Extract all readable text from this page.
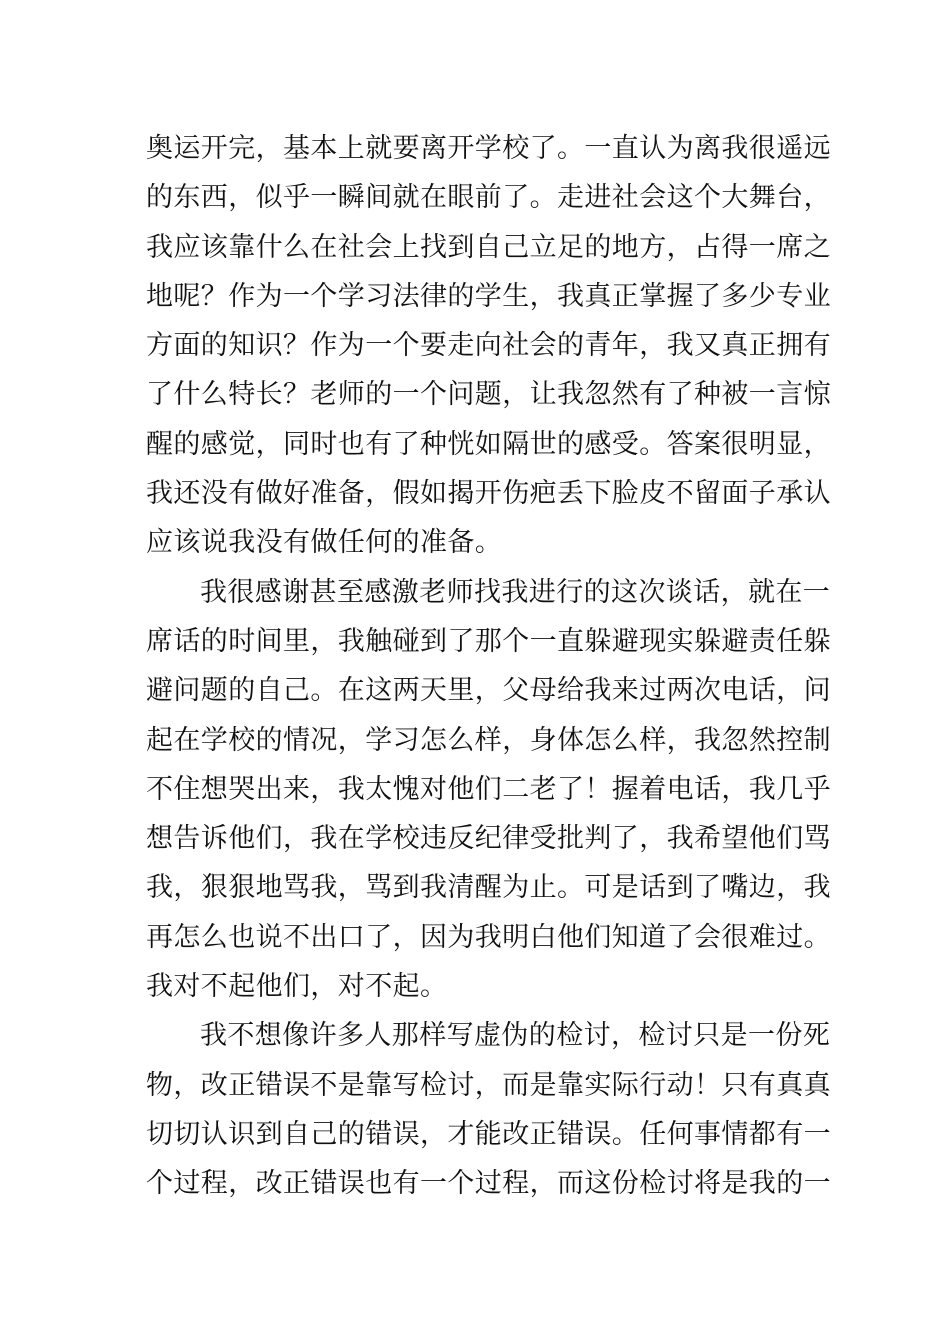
奥运开完，基本上就要离开学校了。一直认为离我很遥远
的东西，似乎一瞬间就在眼前了。走进社会这个大舞台，
我应该靠什么在社会上找到自己立足的地方，占得一席之
地呢？作为一个学习法律的学生，我真正掌握了多少专业
方面的知识？作为一个要走向社会的青年，我又真正拥有
了什么特长？老师的一个问题，让我忽然有了种被一言惊
醒的感觉，同时也有了种恍如隔世的感受。答案很明显，
我还没有做好准备，假如揭开伤疤丢下脸皮不留面子承认
应该说我没有做任何的准备。
我很感谢甚至感激老师找我进行的这次谈话，就在一
席话的时间里，我触碰到了那个一直躲避现实躲避责任躲
避问题的自己。在这两天里，父母给我来过两次电话，问
起在学校的情况，学习怎么样，身体怎么样，我忽然控制
不住想哭出来，我太愧对他们二老了！握着电话，我几乎
想告诉他们，我在学校违反纪律受批判了，我希望他们骂
我，狠狠地骂我，骂到我清醒为止。可是话到了嘴边，我
再怎么也说不出口了，因为我明白他们知道了会很难过。
我对不起他们，对不起。
我不想像许多人那样写虚伪的检讨，检讨只是一份死
物，改正错误不是靠写检讨，而是靠实际行动！只有真真
切切认识到自己的错误，才能改正错误。任何事情都有一
个过程，改正错误也有一个过程，而这份检讨将是我的一
